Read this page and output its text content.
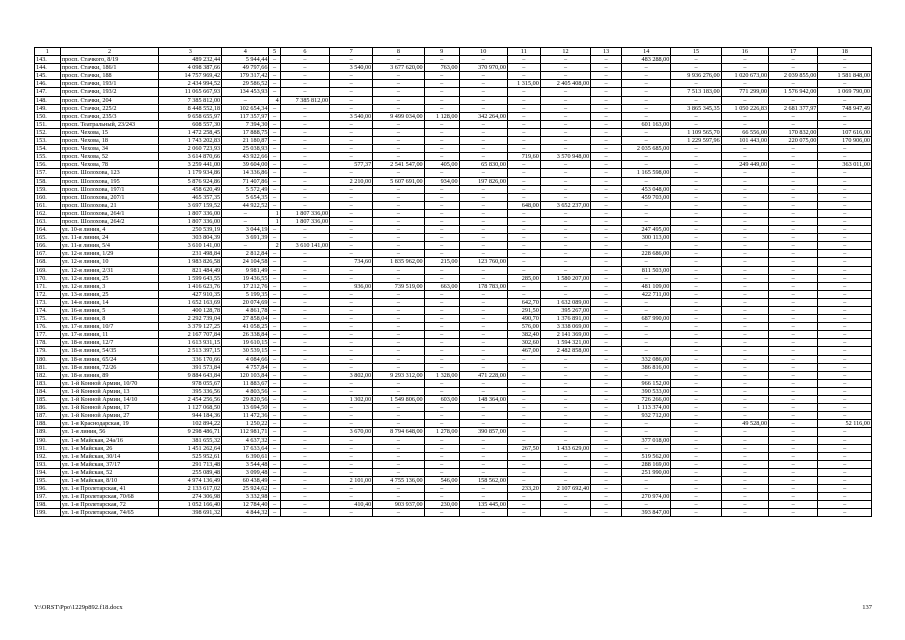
1	2	3	4	5	6	7	8	9	10	11	12	13	14	15	16	17	18
143.	просп. Стачкого, 8/19	489 232,44	5 944,44	–	–	–	–	–	–	–	–	–	483 288,00	–	–	–	–
144.	просп. Стачки, 186/1	4 098 387,66	49 797,66	–	–	3 540,00	3 677 620,00	763,00	370 970,00	–	–	–	–	–	–	–	–
145.	просп. Стачки, 188	14 757 969,42	179 317,42	–	–	–	–	–	–	–	–	–	–	9 936 276,00	1 020 673,00	2 039 855,00	1 581 848,00
146.	просп. Стачки, 193/1	2 434 994,52	29 586,52	–	–	–	–	–	–	1 315,00	2 405 408,00	–	–	–	–	–	–
147.	просп. Стачки, 193/2	11 065 667,93	134 453,93	–	–	–	–	–	–	–	–	–	–	7 513 183,00	771 299,00	1 576 942,00	1 069 790,00
148.	просп. Стачки, 204	7 385 812,00	–	4	7 385 812,00	–	–	–	–	–	–	–	–	–	–	–	–
149.	просп. Стачки, 225/2	8 448 552,18	102 654,34	–	–	–	–	–	–	–	–	–	–	3 865 345,35	1 050 226,83	2 681 377,97	748 947,49
150.	просп. Стачки, 235/3	9 658 655,97	117 357,97	–	–	3 540,00	9 499 034,00	1 128,00	342 264,00	–	–	–	–	–	–	–	–
151.	просп. Театральный, 23/243	608 557,30	7 394,30	–	–	–	–	–	–	–	–	–	601 163,00	–	–	–	–
152.	просп. Чехова, 15	1 472 258,45	17 888,75	–	–	–	–	–	–	–	–	–	–	1 109 565,70	66 556,00	170 832,00	107 616,00
153.	просп. Чехова, 18	1 743 202,83	21 180,87	–	–	–	–	–	–	–	–	–	–	1 229 597,96	101 443,00	220 075,00	170 906,00
154.	просп. Чехова, 34	2 060 723,93	25 038,93	–	–	–	–	–	–	–	–	–	2 035 685,00	–	–	–	–
155.	просп. Чехова, 52	3 614 870,66	43 922,66	–	–	–	–	–	–	719,60	3 570 948,00	–	–	–	–	–	–
156.	просп. Чехова, 78	3 259 441,00	39 604,00	–	–	577,37	2 541 547,00	405,00	65 830,00	–	–	–	–	–	249 449,00	–	363 011,00
157.	просп. Шолохова, 123	1 179 934,86	14 336,86	–	–	–	–	–	–	–	–	–	1 165 598,00	–	–	–	–
158.	просп. Шолохова, 195	5 876 924,86	71 407,86	–	–	2 210,00	5 607 691,00	934,00	197 826,00	–	–	–	–	–	–	–	–
159.	просп. Шолохова, 197/1	458 620,49	5 572,49	–	–	–	–	–	–	–	–	–	453 048,00	–	–	–	–
160.	просп. Шолохова, 207/1	465 357,35	5 654,35	–	–	–	–	–	–	–	–	–	459 703,00	–	–	–	–
161.	просп. Шолохова, 21	3 697 159,52	44 922,52	–	–	–	–	–	–	648,00	3 652 237,00	–	–	–	–	–	–
162.	просп. Шолохова, 264/1	1 807 336,00	–	1	1 807 336,00	–	–	–	–	–	–	–	–	–	–	–	–
163.	просп. Шолохова, 264/2	1 807 336,00	–	1	1 807 336,00	–	–	–	–	–	–	–	–	–	–	–	–
164.	ул. 10-я линия, 4	250 539,19	3 044,19	–	–	–	–	–	–	–	–	–	247 495,00	–	–	–	–
165.	ул. 11-я линия, 24	303 804,39	3 691,39	–	–	–	–	–	–	–	–	–	300 113,00	–	–	–	–
166.	ул. 11-я линия, 5/4	3 610 141,00	–	2	3 610 141,00	–	–	–	–	–	–	–	–	–	–	–	–
167.	ул. 12-я линия, 1/29	231 498,84	2 812,84	–	–	–	–	–	–	–	–	–	228 686,00	–	–	–	–
168.	ул. 12-я линия, 10	1 983 826,58	24 104,58	–	–	734,60	1 835 962,00	215,00	123 760,00	–	–	–	–	–	–	–	–
169.	ул. 12-я линия, 2/31	821 484,49	9 981,49	–	–	–	–	–	–	–	–	–	811 503,00	–	–	–	–
170.	ул. 12-я линия, 25	1 599 643,55	19 436,55	–	–	–	–	–	–	285,00	1 580 207,00	–	–	–	–	–	–
171.	ул. 12-я линия, 3	1 416 623,76	17 212,76	–	–	936,00	739 519,00	663,00	178 783,00	–	–	–	481 109,00	–	–	–	–
172.	ул. 13-я линия, 25	427 910,35	5 199,35	–	–	–	–	–	–	–	–	–	422 711,00	–	–	–	–
173.	ул. 14-я линия, 14	1 652 163,69	20 074,69	–	–	–	–	–	–	642,70	1 632 089,00	–	–	–	–	–	–
174.	ул. 16-я линия, 5	400 128,78	4 861,78	–	–	–	–	–	–	291,50	395 267,00	–	–	–	–	–	–
175.	ул. 16-я линия, 8	2 292 739,04	27 858,04	–	–	–	–	–	–	490,70	1 376 891,00	–	687 990,00	–	–	–	–
176.	ул. 17-я линия, 10/7	3 379 127,25	41 058,25	–	–	–	–	–	–	576,00	3 338 069,00	–	–	–	–	–	–
177.	ул. 17-я линия, 11	2 167 707,84	26 338,84	–	–	–	–	–	–	382,40	2 141 369,00	–	–	–	–	–	–
178.	ул. 18-я линия, 12/7	1 613 931,15	19 610,15	–	–	–	–	–	–	302,60	1 594 321,00	–	–	–	–	–	–
179.	ул. 18-я линия, 54/35	2 513 397,15	30 539,15	–	–	–	–	–	–	467,00	2 482 858,00	–	–	–	–	–	–
180.	ул. 18-я линия, 65/24	336 170,66	4 084,66	–	–	–	–	–	–	–	–	–	332 086,00	–	–	–	–
181.	ул. 18-я линия, 72/26	391 573,84	4 757,84	–	–	–	–	–	–	–	–	–	386 816,00	–	–	–	–
182.	ул. 18-я линия, 89	9 884 643,84	120 103,84	–	–	3 802,00	9 293 312,00	1 328,00	471 228,00	–	–	–	–	–	–	–	–
183.	ул. 1-й Конной Армии, 10/70	978 055,67	11 883,67	–	–	–	–	–	–	–	–	–	966 152,00	–	–	–	–
184.	ул. 1-й Конной Армии, 13	395 336,56	4 803,56	–	–	–	–	–	–	–	–	–	390 533,00	–	–	–	–
185.	ул. 1-й Конной Армии, 14/10	2 454 256,56	29 820,56	–	–	1 302,00	1 549 806,00	603,00	148 364,00	–	–	–	726 266,00	–	–	–	–
186.	ул. 1-й Конной Армии, 17	1 127 068,50	13 694,50	–	–	–	–	–	–	–	–	–	1 113 374,00	–	–	–	–
187.	ул. 1-й Конной Армии, 27	944 184,36	11 472,36	–	–	–	–	–	–	–	–	–	932 712,00	–	–	–	–
188.	ул. 1-я Краснодарская, 19	102 894,22	1 250,22	–	–	–	–	–	–	–	–	–	–	–	49 528,00	–	52 116,00
189.	ул. 1-я линия, 56	9 298 486,71	112 981,71	–	–	3 670,00	8 794 648,00	1 278,00	390 857,00	–	–	–	–	–	–	–	–
190.	ул. 1-я Майская, 24а/16	381 655,32	4 637,32	–	–	–	–	–	–	–	–	–	377 018,00	–	–	–	–
191.	ул. 1-я Майская, 26	1 451 262,64	17 633,64	–	–	–	–	–	–	267,50	1 433 629,00	–	–	–	–	–	–
192.	ул. 1-я Майская, 30/14	525 952,61	6 390,61	–	–	–	–	–	–	–	–	–	519 562,00	–	–	–	–
193.	ул. 1-я Майская, 37/17	291 713,48	3 544,48	–	–	–	–	–	–	–	–	–	288 169,00	–	–	–	–
194.	ул. 1-я Майская, 52	255 089,48	3 099,48	–	–	–	–	–	–	–	–	–	251 990,00	–	–	–	–
195.	ул. 1-я Майская, 8/10	4 974 136,49	60 438,49	–	–	2 101,00	4 755 136,00	546,00	158 562,00	–	–	–	–	–	–	–	–
196.	ул. 1-я Пролетарская, 41	2 133 617,02	25 924,62	–	–	–	–	–	–	233,20	2 107 692,40	–	–	–	–	–	–
197.	ул. 1-я Пролетарская, 70/68	274 306,98	3 332,98	–	–	–	–	–	–	–	–	–	270 974,00	–	–	–	–
198.	ул. 1-я Пролетарская, 72	1 052 166,40	12 784,40	–	–	410,40	903 937,00	230,00	135 445,00	–	–	–	–	–	–	–	–
199.	ул. 1-я Пролетарская, 74/65	398 691,32	4 844,32	–	–	–	–	–	–	–	–	–	393 847,00	–	–	–	–
Y:\ORST\Ppo\1229p892.f18.docx	137
